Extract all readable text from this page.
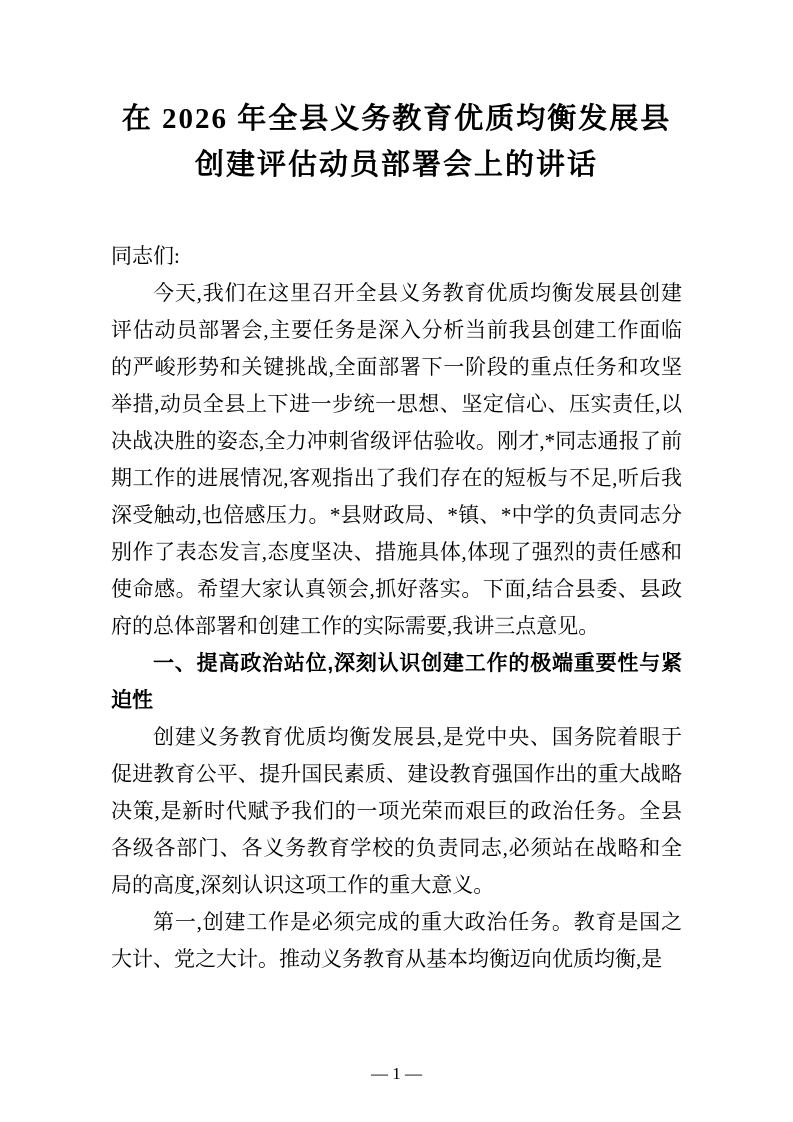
在 2026 年全县义务教育优质均衡发展县
创建评估动员部署会上的讲话

同志们:

今天,我们在这里召开全县义务教育优质均衡发展县创建评估动员部署会,主要任务是深入分析当前我县创建工作面临的严峻形势和关键挑战,全面部署下一阶段的重点任务和攻坚举措,动员全县上下进一步统一思想、坚定信心、压实责任,以决战决胜的姿态,全力冲刺省级评估验收。刚才,*同志通报了前期工作的进展情况,客观指出了我们存在的短板与不足,听后我深受触动,也倍感压力。*县财政局、*镇、*中学的负责同志分别作了表态发言,态度坚决、措施具体,体现了强烈的责任感和使命感。希望大家认真领会,抓好落实。下面,结合县委、县政府的总体部署和创建工作的实际需要,我讲三点意见。

一、提高政治站位,深刻认识创建工作的极端重要性与紧迫性

创建义务教育优质均衡发展县,是党中央、国务院着眼于促进教育公平、提升国民素质、建设教育强国作出的重大战略决策,是新时代赋予我们的一项光荣而艰巨的政治任务。全县各级各部门、各义务教育学校的负责同志,必须站在战略和全局的高度,深刻认识这项工作的重大意义。

第一,创建工作是必须完成的重大政治任务。教育是国之大计、党之大计。推动义务教育从基本均衡迈向优质均衡,是

— 1 —
